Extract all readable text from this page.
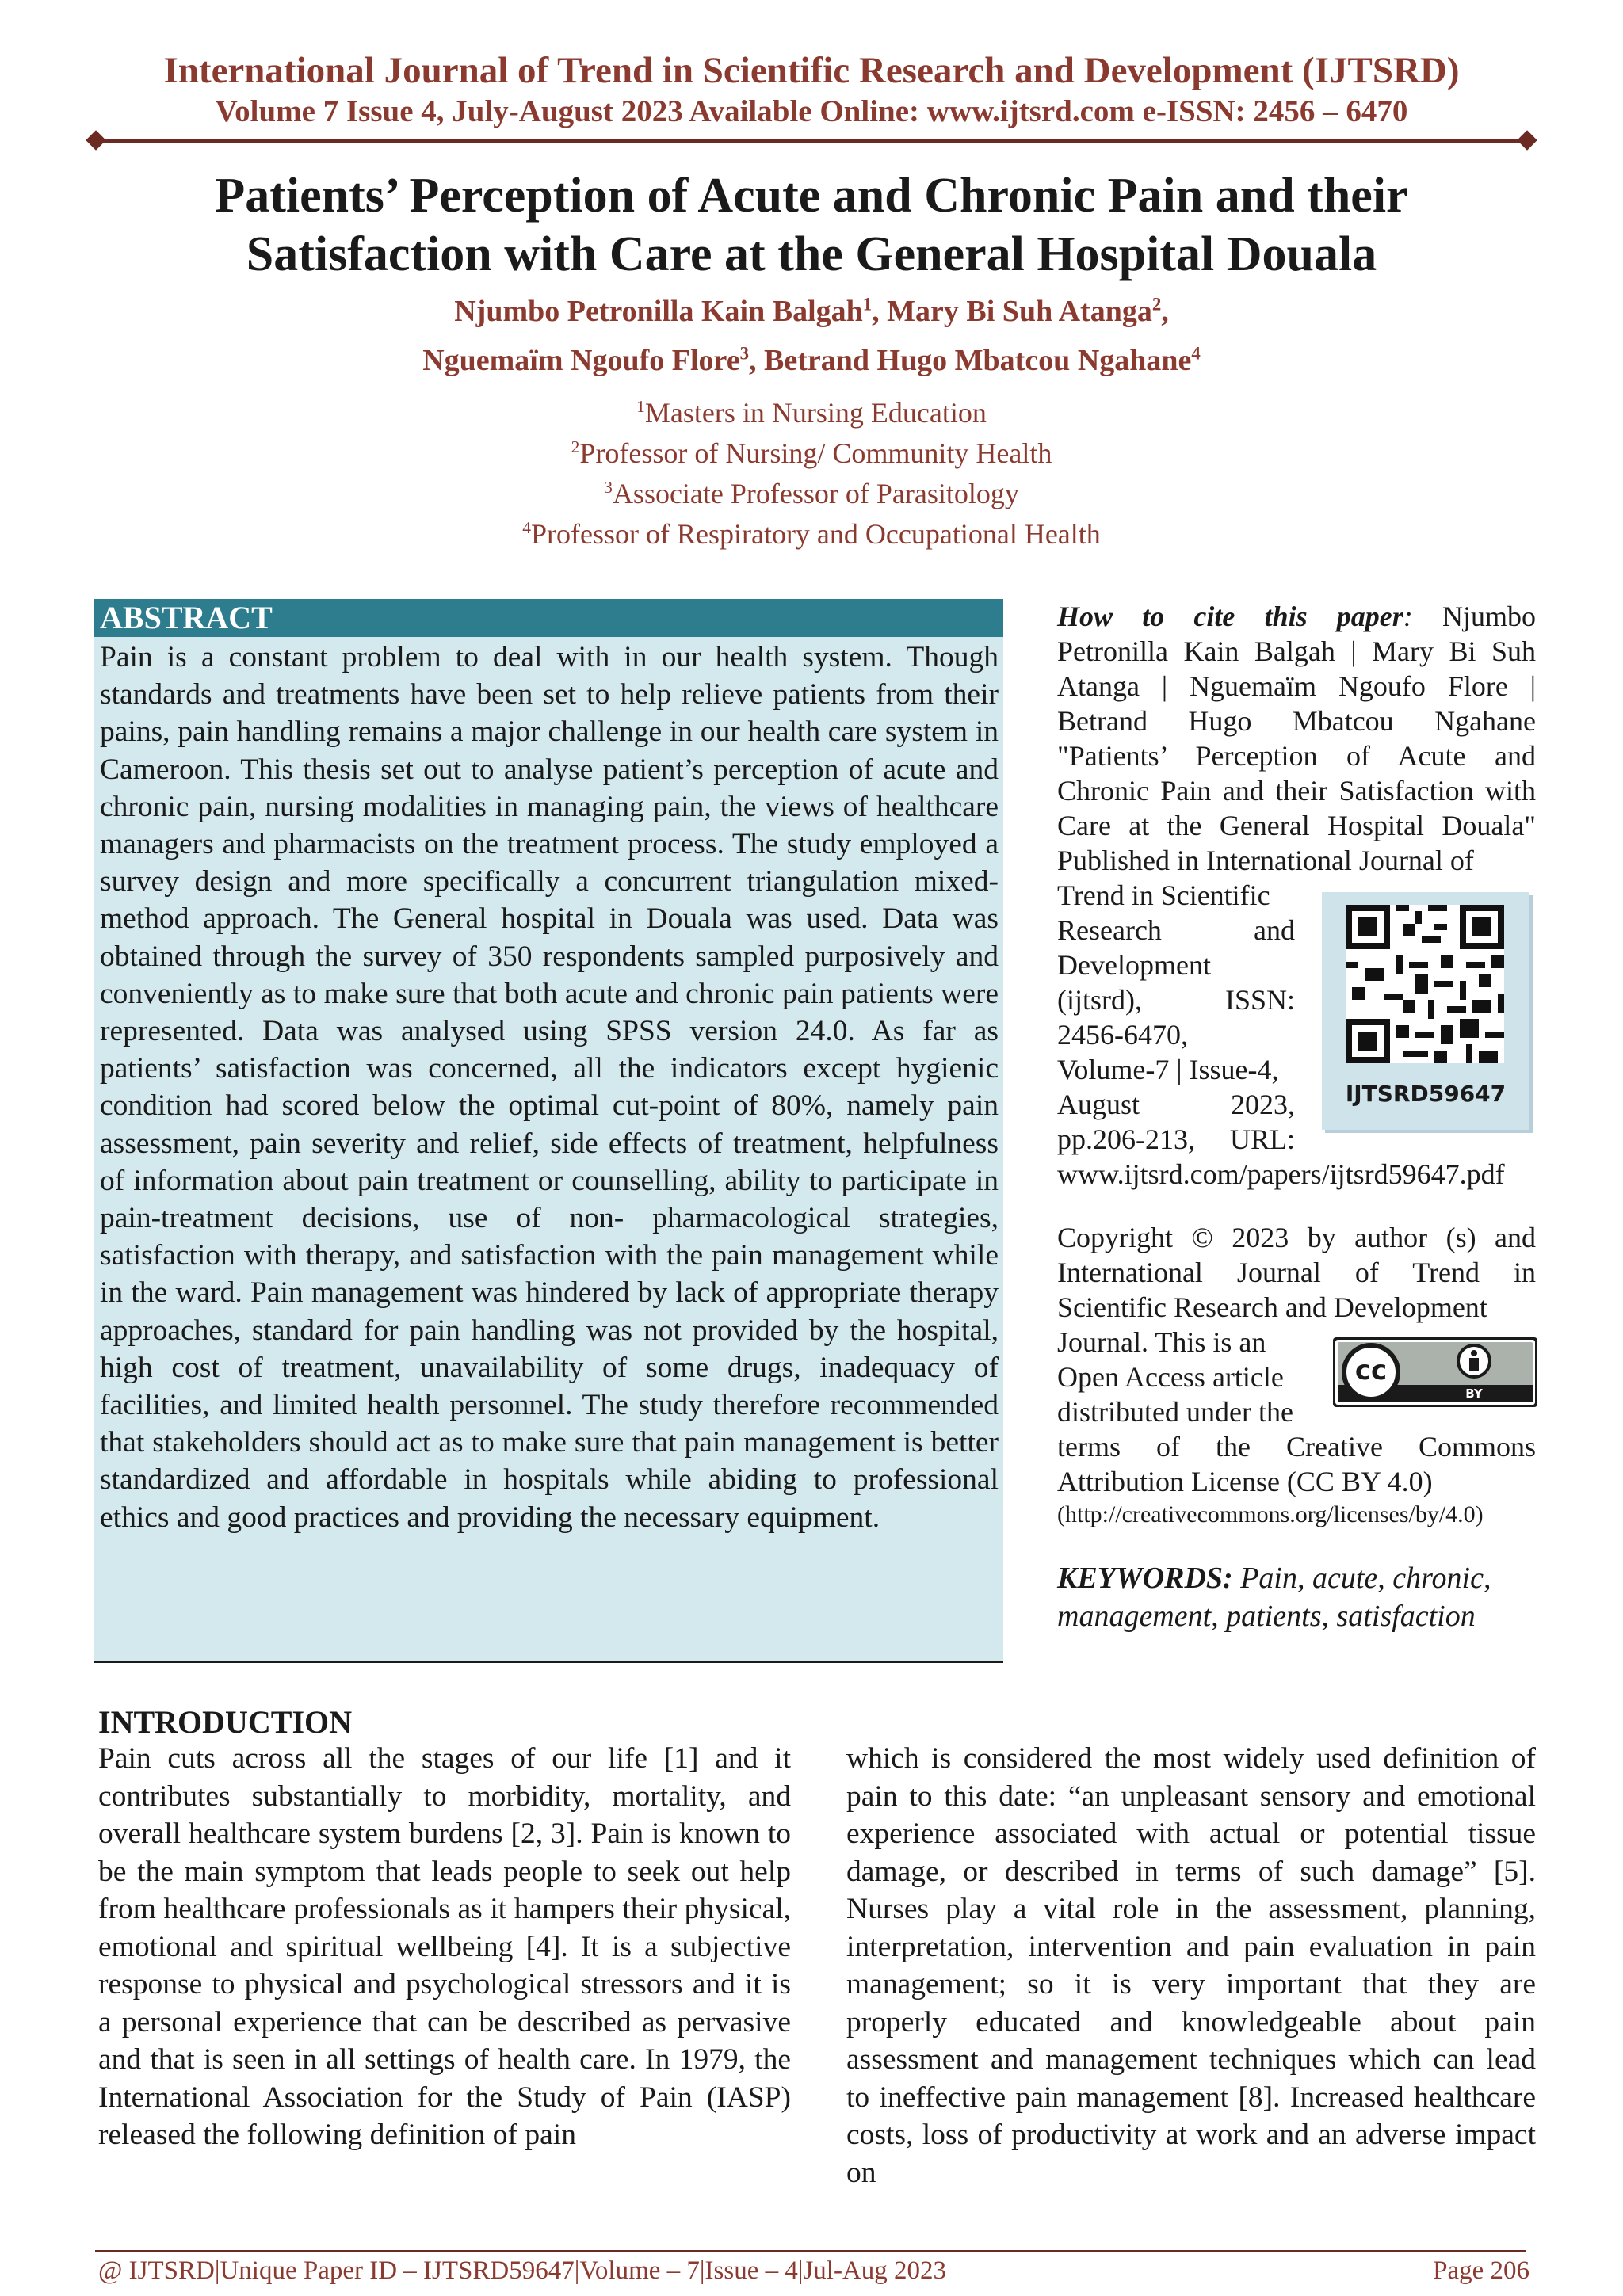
International Journal of Trend in Scientific Research and Development (IJTSRD)
Volume 7 Issue 4, July-August 2023 Available Online: www.ijtsrd.com e-ISSN: 2456 – 6470
Patients’ Perception of Acute and Chronic Pain and their
Satisfaction with Care at the General Hospital Douala
Njumbo Petronilla Kain Balgah$^1$, Mary Bi Suh Atanga$^2$,
Nguemaïm Ngoufo Flore$^3$, Betrand Hugo Mbatcou Ngahane$^4$
$^1$Masters in Nursing Education
$^2$Professor of Nursing/ Community Health
$^3$Associate Professor of Parasitology
$^4$Professor of Respiratory and Occupational Health
ABSTRACT
Pain is a constant problem to deal with in our health system. Though standards and treatments have been set to help relieve patients from their pains, pain handling remains a major challenge in our health care system in Cameroon. This thesis set out to analyse patient’s perception of acute and chronic pain, nursing modalities in managing pain, the views of healthcare managers and pharmacists on the treatment process. The study employed a survey design and more specifically a concurrent triangulation mixed-method approach. The General hospital in Douala was used. Data was obtained through the survey of 350 respondents sampled purposively and conveniently as to make sure that both acute and chronic pain patients were represented. Data was analysed using SPSS version 24.0. As far as patients’ satisfaction was concerned, all the indicators except hygienic condition had scored below the optimal cut-point of 80%, namely pain assessment, pain severity and relief, side effects of treatment, helpfulness of information about pain treatment or counselling, ability to participate in pain-treatment decisions, use of non- pharmacological strategies, satisfaction with therapy, and satisfaction with the pain management while in the ward. Pain management was hindered by lack of appropriate therapy approaches, standard for pain handling was not provided by the hospital, high cost of treatment, unavailability of some drugs, inadequacy of facilities, and limited health personnel. The study therefore recommended that stakeholders should act as to make sure that pain management is better standardized and affordable in hospitals while abiding to professional ethics and good practices and providing the necessary equipment.
How to cite this paper: Njumbo Petronilla Kain Balgah | Mary Bi Suh Atanga | Nguemaïm Ngoufo Flore | Betrand Hugo Mbatcou Ngahane "Patients’ Perception of Acute and Chronic Pain and their Satisfaction with Care at the General Hospital Douala" Published in International Journal of
Trend in Scientific
Research	and
Development
(ijtsrd),	ISSN:
2456-6470,
Volume-7 | Issue-4,
August	2023,
pp.206-213, URL:
IJTSRD59647
www.ijtsrd.com/papers/ijtsrd59647.pdf
Copyright © 2023 by author (s) and International Journal of Trend in Scientific Research and Development
Journal. This is an
Open Access article
distributed under the
cc
BY
terms of the Creative Commons Attribution License (CC BY 4.0)
(http://creativecommons.org/licenses/by/4.0)
KEYWORDS: Pain, acute, chronic, management, patients, satisfaction
INTRODUCTION
Pain cuts across all the stages of our life [1] and it contributes substantially to morbidity, mortality, and overall healthcare system burdens [2, 3]. Pain is known to be the main symptom that leads people to seek out help from healthcare professionals as it hampers their physical, emotional and spiritual wellbeing [4]. It is a subjective response to physical and psychological stressors and it is a personal experience that can be described as pervasive and that is seen in all settings of health care. In 1979, the International Association for the Study of Pain (IASP) released the following definition of pain
which is considered the most widely used definition of pain to this date: “an unpleasant sensory and emotional experience associated with actual or potential tissue damage, or described in terms of such damage” [5]. Nurses play a vital role in the assessment, planning, interpretation, intervention and pain evaluation in pain management; so it is very important that they are properly educated and knowledgeable about pain assessment and management techniques which can lead to ineffective pain management [8]. Increased healthcare costs, loss of productivity at work and an adverse impact on
@ IJTSRD | Unique Paper ID – IJTSRD59647 | Volume – 7 | Issue – 4 | Jul-Aug 2023	Page 206
